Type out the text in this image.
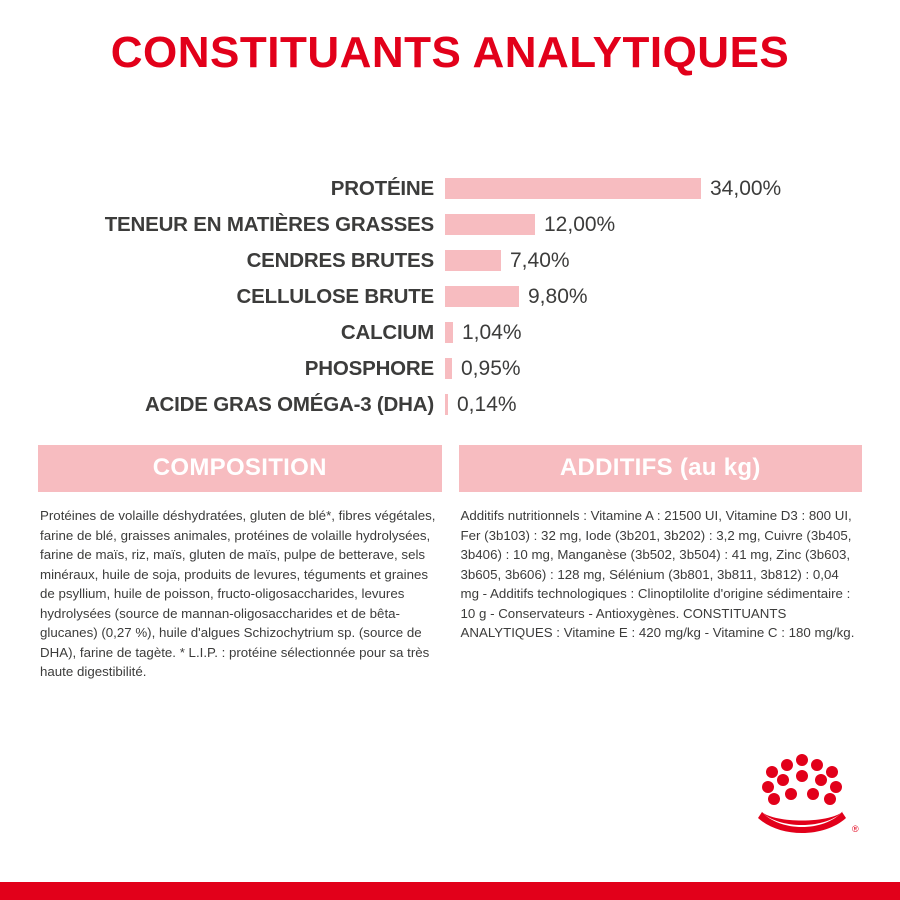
CONSTITUANTS ANALYTIQUES
PROTÉINE	34,00%
TENEUR EN MATIÈRES GRASSES	12,00%
CENDRES BRUTES	7,40%
CELLULOSE BRUTE	9,80%
CALCIUM	1,04%
PHOSPHORE	0,95%
ACIDE GRAS OMÉGA-3 (DHA)	0,14%
COMPOSITION

Protéines de volaille déshydratées, gluten de blé*, fibres végétales, farine de blé, graisses animales, protéines de volaille hydrolysées, farine de maïs, riz, maïs, gluten de maïs, pulpe de betterave, sels minéraux, huile de soja, produits de levures, téguments et graines de psyllium, huile de poisson, fructo-oligosaccharides, levures hydrolysées (source de mannan-oligosaccharides et de bêta-glucanes) (0,27 %), huile d'algues Schizochytrium sp. (source de DHA), farine de tagète. * L.I.P. : protéine sélectionnée pour sa très haute digestibilité.

ADDITIFS (au kg)

Additifs nutritionnels : Vitamine A : 21500 UI, Vitamine D3 : 800 UI, Fer (3b103) : 32 mg, Iode (3b201, 3b202) : 3,2 mg, Cuivre (3b405, 3b406) : 10 mg, Manganèse (3b502, 3b504) : 41 mg, Zinc (3b603, 3b605, 3b606) : 128 mg, Sélénium (3b801, 3b811, 3b812) : 0,04 mg - Additifs technologiques : Clinoptilolite d'origine sédimentaire : 10 g - Conservateurs - Antioxygènes. CONSTITUANTS ANALYTIQUES : Vitamine E : 420 mg/kg - Vitamine C : 180 mg/kg.

®
